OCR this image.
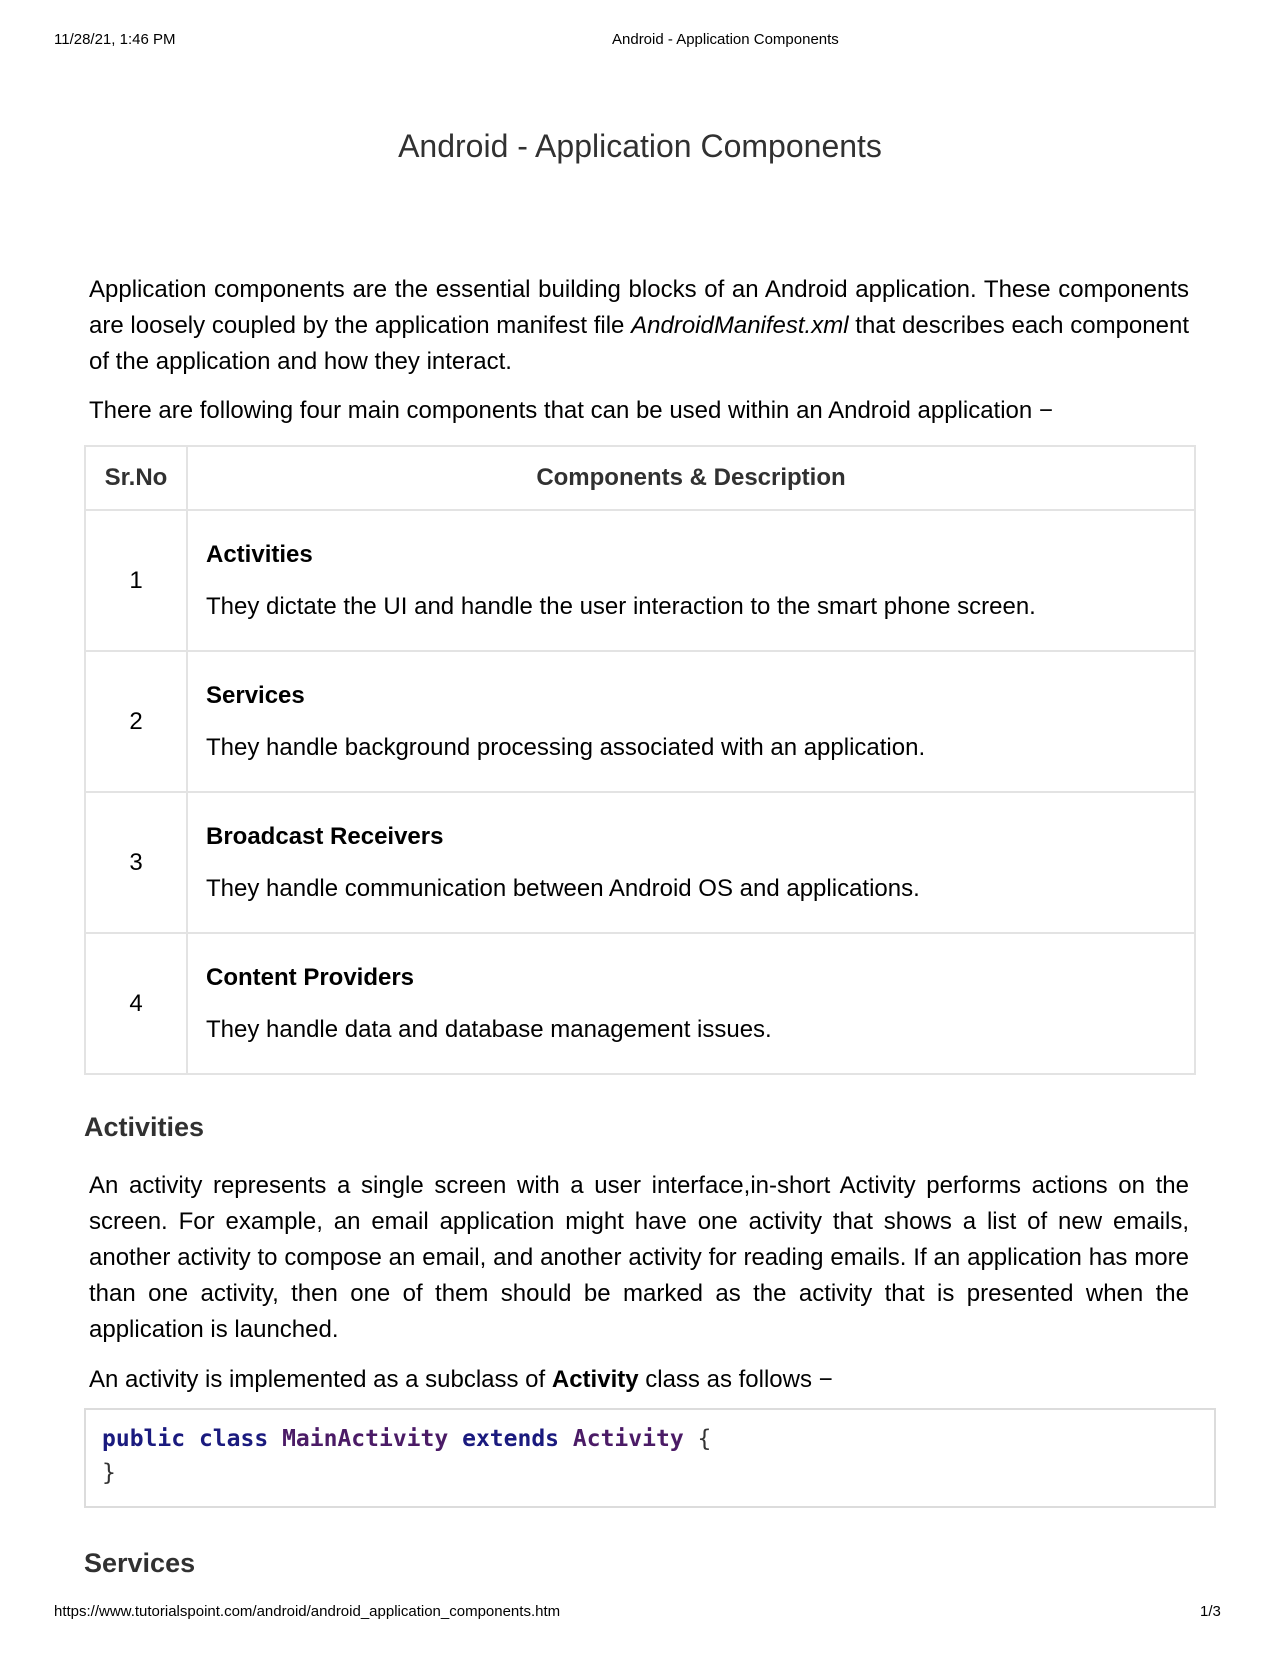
11/28/21, 1:46 PM	Android - Application Components
Android - Application Components

Application components are the essential building blocks of an Android application. These components are loosely coupled by the application manifest file AndroidManifest.xml that describes each component of the application and how they interact.

There are following four main components that can be used within an Android application −

Sr.No	Components & Description
1	Activities

They dictate the UI and handle the user interaction to the smart phone screen.

2	Services

They handle background processing associated with an application.

3	Broadcast Receivers

They handle communication between Android OS and applications.

4	Content Providers

They handle data and database management issues.

Activities

An activity represents a single screen with a user interface,in-short Activity performs actions on the screen. For example, an email application might have one activity that shows a list of new emails, another activity to compose an email, and another activity for reading emails. If an application has more than one activity, then one of them should be marked as the activity that is presented when the application is launched.

An activity is implemented as a subclass of Activity class as follows −

public class MainActivity extends Activity {
}
Services
https://www.tutorialspoint.com/android/android_application_components.htm	1/3
